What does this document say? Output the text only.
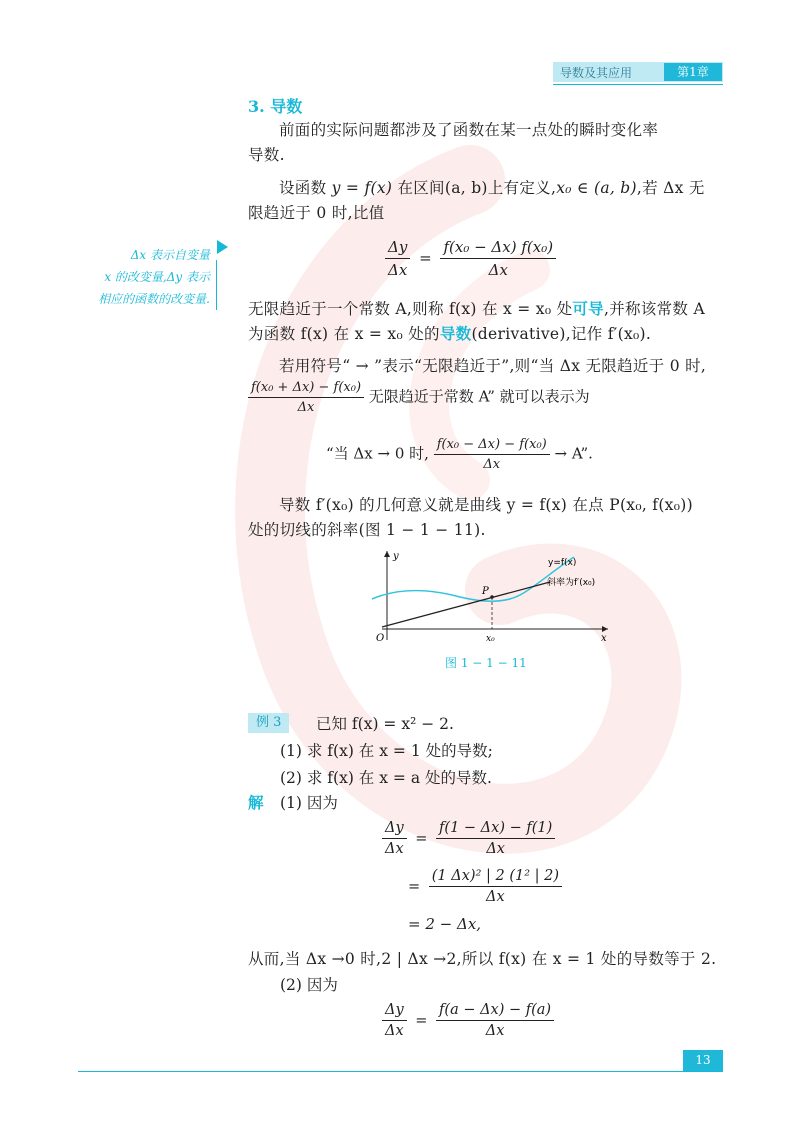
导数及其应用	第1章
3. 导数
前面的实际问题都涉及了函数在某一点处的瞬时变化率
导数.
设函数 y = f(x) 在区间(a, b)上有定义,x₀ ∈ (a, b),若 Δx 无
限趋近于 0 时,比值
$\frac{\Delta y}{\Delta x} = \frac{\text{f(x₀ − Δx) f(x₀)}}{\Delta x}$
无限趋近于一个常数 A,则称 f(x) 在 x = x₀ 处可导,并称该常数 A
为函数 f(x) 在 x = x₀ 处的导数(derivative),记作 f′(x₀).
Δx 表示自变量
x 的改变量,Δy 表示
相应的函数的改变量.
若用符号“ → ”表示“无限趋近于”,则“当 Δx 无限趋近于 0 时,
$\frac{\text{f(x₀ + Δx) − f(x₀)}}{\Delta x}$ 无限趋近于常数 A” 就可以表示为
“当 Δx → 0 时, $\frac{\text{f(x₀ − Δx) − f(x₀)}}{\Delta x} \to A$”.
导数 f′(x₀) 的几何意义就是曲线 y = f(x) 在点 P(x₀, f(x₀))
处的切线的斜率(图 1 − 1 − 11).
y
x
O
P
x₀
y=f(x)
斜率为f′(x₀)
图 1 − 1 − 11
例 3	已知 f(x) = x² − 2.
(1) 求 f(x) 在 x = 1 处的导数;
(2) 求 f(x) 在 x = a 处的导数.
解 (1) 因为
$\frac{\Delta y}{\Delta x} = \frac{f(1 - \Delta x) - f(1)}{\Delta x}$
= $\frac{\text{(1 Δx)² | 2 (1² | 2)}}{\Delta x}$
= 2 − Δx,
从而,当 Δx →0 时,2 | Δx →2,所以 f(x) 在 x = 1 处的导数等于 2.
(2) 因为
$\frac{\Delta y}{\Delta x} = \frac{f(a - \Delta x) - f(a)}{\Delta x}$
13
